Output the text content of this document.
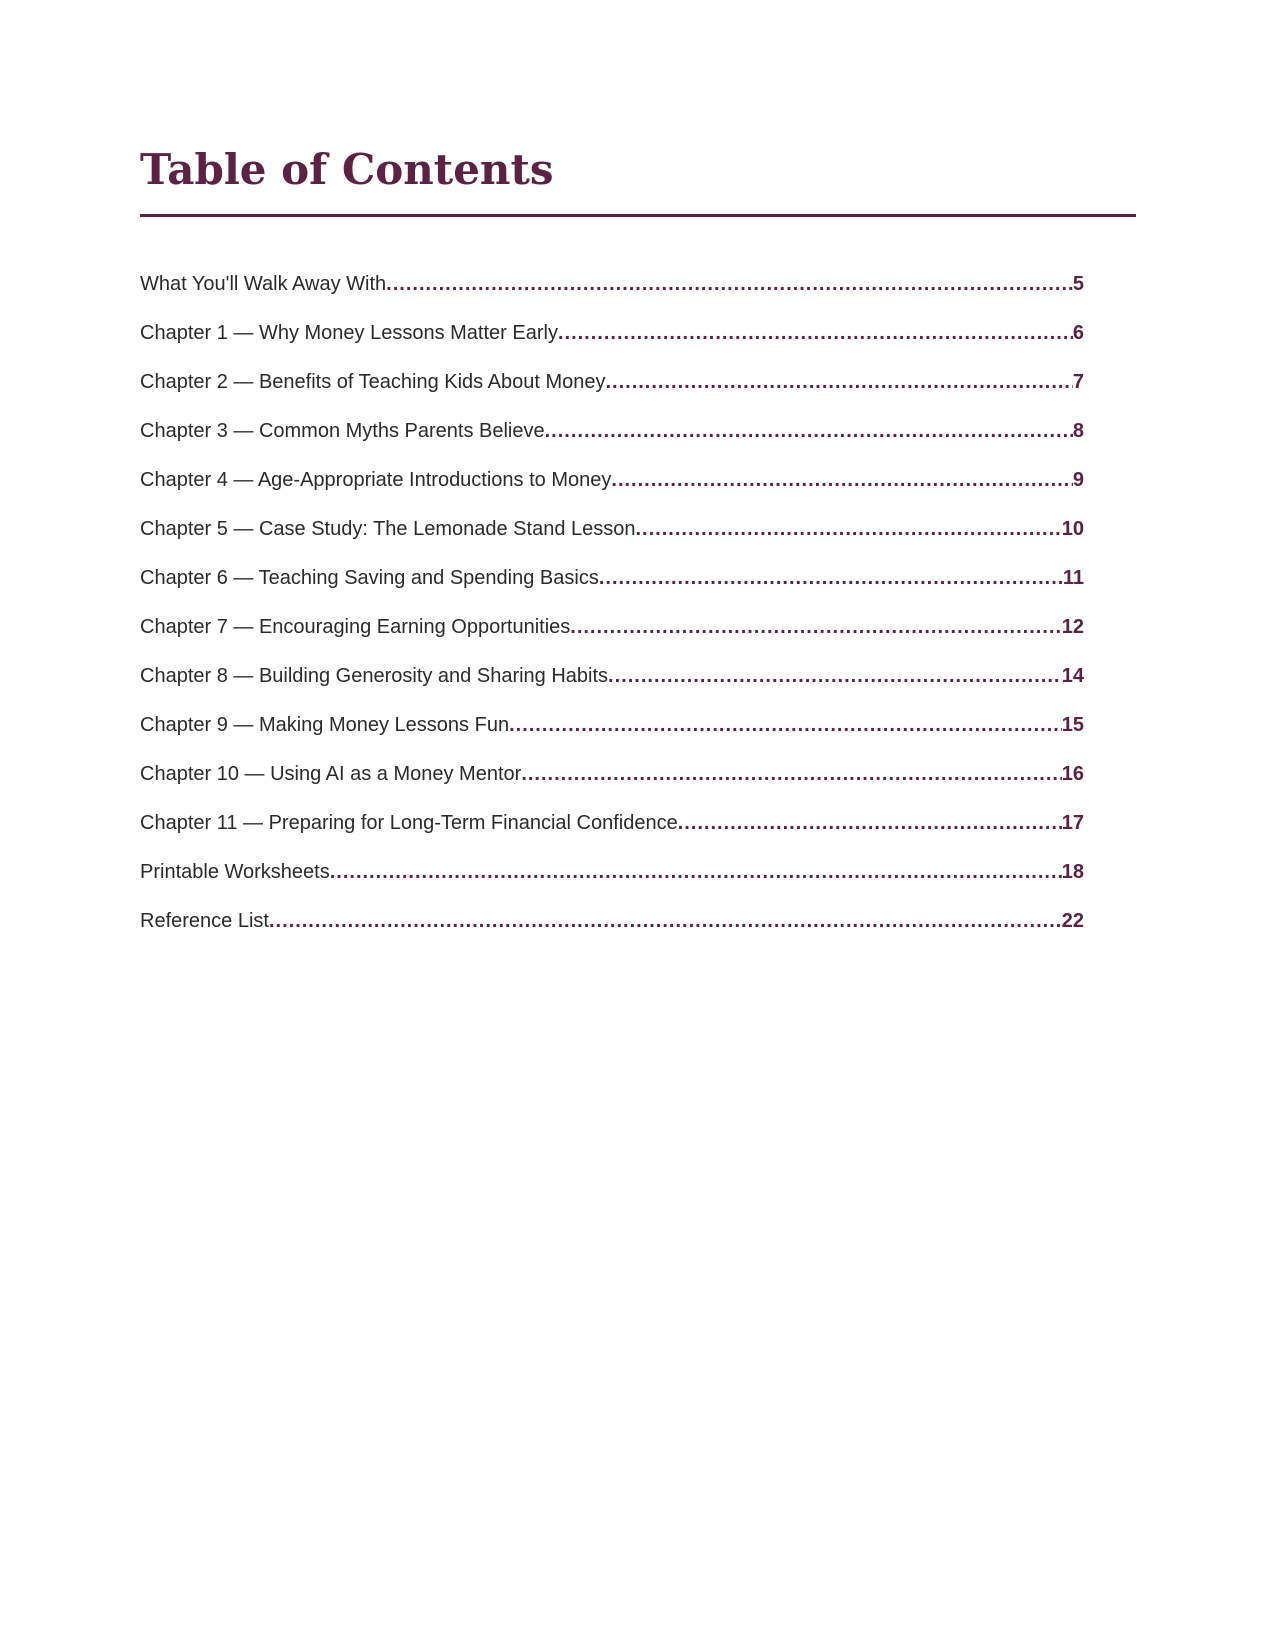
Table of Contents
What You'll Walk Away With .....	5
Chapter 1 — Why Money Lessons Matter Early .....	6
Chapter 2 — Benefits of Teaching Kids About Money .....	7
Chapter 3 — Common Myths Parents Believe .....	8
Chapter 4 — Age-Appropriate Introductions to Money .....	9
Chapter 5 — Case Study: The Lemonade Stand Lesson .....	10
Chapter 6 — Teaching Saving and Spending Basics .....	11
Chapter 7 — Encouraging Earning Opportunities .....	12
Chapter 8 — Building Generosity and Sharing Habits .....	14
Chapter 9 — Making Money Lessons Fun .....	15
Chapter 10 — Using AI as a Money Mentor .....	16
Chapter 11 — Preparing for Long-Term Financial Confidence .....	17
Printable Worksheets .....	18
Reference List .....	22
